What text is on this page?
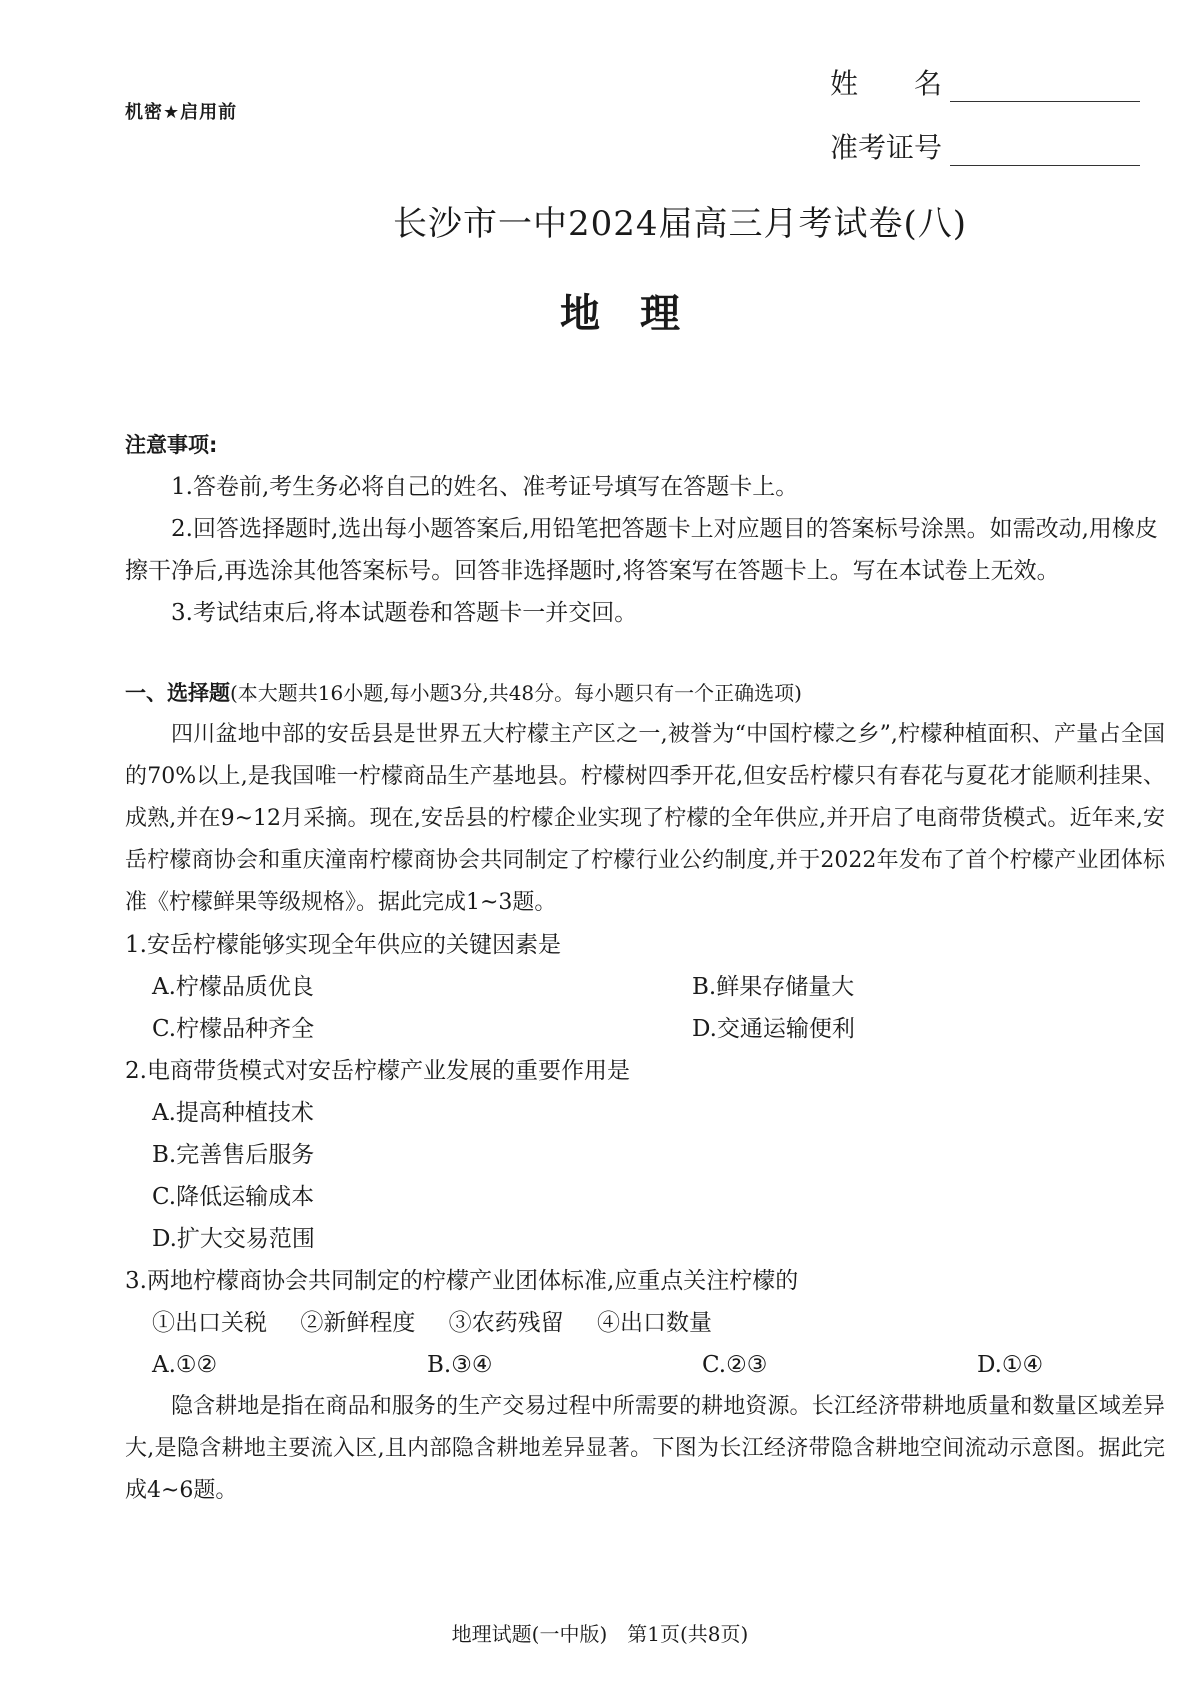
机密★启用前
姓　　名
准考证号
长沙市一中2024届高三月考试卷(八)
地理
注意事项:

1.答卷前,考生务必将自己的姓名、准考证号填写在答题卡上。

2.回答选择题时,选出每小题答案后,用铅笔把答题卡上对应题目的答案标号涂黑。如需改动,用橡皮擦干净后,再选涂其他答案标号。回答非选择题时,将答案写在答题卡上。写在本试卷上无效。

3.考试结束后,将本试题卷和答题卡一并交回。

一、选择题(本大题共16小题,每小题3分,共48分。每小题只有一个正确选项)

四川盆地中部的安岳县是世界五大柠檬主产区之一,被誉为“中国柠檬之乡”,柠檬种植面积、产量占全国的70%以上,是我国唯一柠檬商品生产基地县。柠檬树四季开花,但安岳柠檬只有春花与夏花才能顺利挂果、成熟,并在9~12月采摘。现在,安岳县的柠檬企业实现了柠檬的全年供应,并开启了电商带货模式。近年来,安岳柠檬商协会和重庆潼南柠檬商协会共同制定了柠檬行业公约制度,并于2022年发布了首个柠檬产业团体标准《柠檬鲜果等级规格》。据此完成1~3题。

1.安岳柠檬能够实现全年供应的关键因素是

A.柠檬品质优良	B.鲜果存储量大
C.柠檬品种齐全	D.交通运输便利

2.电商带货模式对安岳柠檬产业发展的重要作用是

A.提高种植技术
B.完善售后服务
C.降低运输成本
D.扩大交易范围

3.两地柠檬商协会共同制定的柠檬产业团体标准,应重点关注柠檬的

①出口关税 ②新鲜程度 ③农药残留 ④出口数量
A.①②	B.③④	C.②③	D.①④

隐含耕地是指在商品和服务的生产交易过程中所需要的耕地资源。长江经济带耕地质量和数量区域差异大,是隐含耕地主要流入区,且内部隐含耕地差异显著。下图为长江经济带隐含耕地空间流动示意图。据此完成4~6题。

地理试题(一中版)　第1页(共8页)
